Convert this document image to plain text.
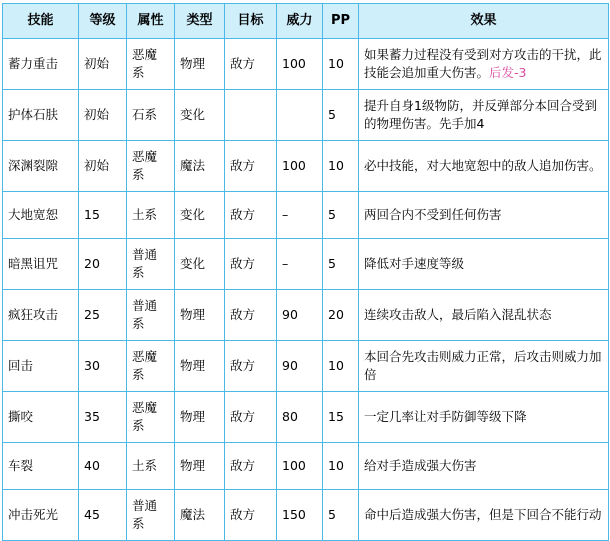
技能	等级	属性	类型	目标	威力	PP	效果
蓄力重击	初始	恶魔系	物理	敌方	100	10	如果蓄力过程没有受到对方攻击的干扰，此技能会追加重大伤害。后发-3
护体石肤	初始	石系	变化			5	提升自身1级物防，并反弹部分本回合受到的物理伤害。先手加4
深渊裂隙	初始	恶魔系	魔法	敌方	100	10	必中技能，对大地宽恕中的敌人追加伤害。
大地宽恕	15	土系	变化	敌方	–	5	两回合内不受到任何伤害
暗黑诅咒	20	普通系	变化	敌方	–	5	降低对手速度等级
疯狂攻击	25	普通系	物理	敌方	90	20	连续攻击敌人，最后陷入混乱状态
回击	30	恶魔系	物理	敌方	90	10	本回合先攻击则威力正常，后攻击则威力加倍
撕咬	35	恶魔系	物理	敌方	80	15	一定几率让对手防御等级下降
车裂	40	土系	物理	敌方	100	10	给对手造成强大伤害
冲击死光	45	普通系	魔法	敌方	150	5	命中后造成强大伤害，但是下回合不能行动
